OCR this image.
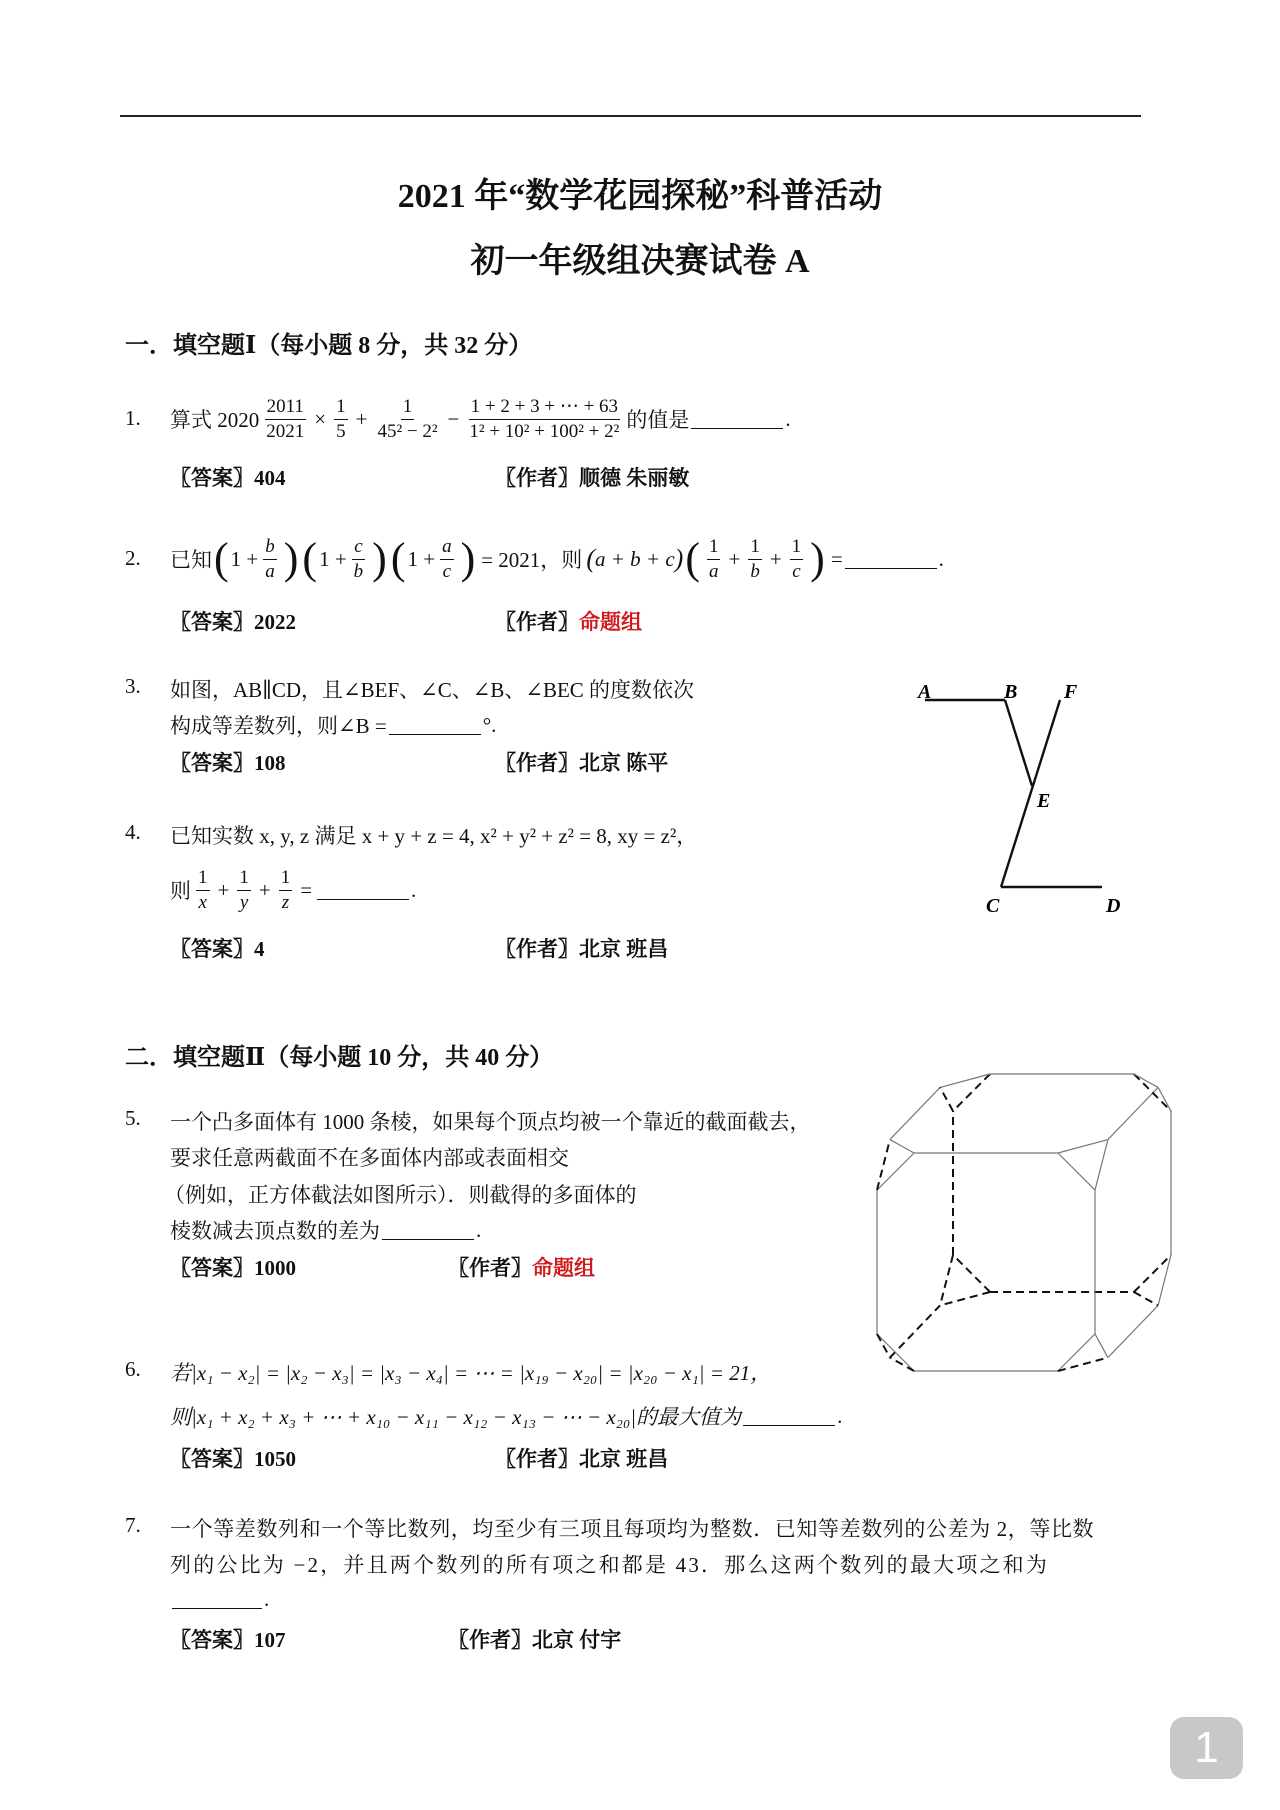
2021 年“数学花园探秘”科普活动
初一年级组决赛试卷 A
一．填空题Ⅰ（每小题 8 分，共 32 分）
1. 算式 $2020 \frac{2011}{2021} \times \frac{1}{5} + \frac{1}{\text{45² − 2²}} - \frac{1 + 2 + 3 + \cdots + 63}{\text{1² + 10² + 100² + 2²}}$ 的值是	.
〖答案〗404	〖作者〗顺德 朱丽敏
2. 已知 ( $1 + \frac{b}{a}$ ) ( $1 + \frac{c}{b}$ ) ( $1 + \frac{a}{c}$ ) = 2021，则 ( a + b + c ) ( $\frac{1}{a} + \frac{1}{b} + \frac{1}{c}$ ) =	.
〖答案〗2022	〖作者〗命题组
3. 如图，AB∥CD，且∠BEF、∠C、∠B、∠BEC 的度数依次
构成等差数列，则∠B =	°.
〖答案〗108	〖作者〗北京 陈平
A	B F
E
C	D
4. 已知实数 x, y, z 满足 x + y + z = 4, x² + y² + z² = 8, xy = z²，
则 $\frac{1}{x} + \frac{1}{y} + \frac{1}{z}$ =	.
〖答案〗4	〖作者〗北京 班昌
二．填空题Ⅱ（每小题 10 分，共 40 分）
5. 一个凸多面体有 1000 条棱，如果每个顶点均被一个靠近的截面截去，
要求任意两截面不在多面体内部或表面相交
（例如，正方体截法如图所示）．则截得的多面体的
棱数减去顶点数的差为	.
〖答案〗1000	〖作者〗命题组
6. 若|x₁ − x₂| = |x₂ − x₃| = |x₃ − x₄| = ⋯ = |x₁₉ − x₂₀| = |x₂₀ − x₁| = 21，
则|x₁ + x₂ + x₃ + ⋯ + x₁₀ − x₁₁ − x₁₂ − x₁₃ − ⋯ − x₂₀|的最大值为	.
〖答案〗1050	〖作者〗北京 班昌
7. 一个等差数列和一个等比数列，均至少有三项且每项均为整数．已知等差数列的公差为 2，等比数
列的公比为 −2，并且两个数列的所有项之和都是 43．那么这两个数列的最大项之和为
.
〖答案〗107	〖作者〗北京 付宇
1
